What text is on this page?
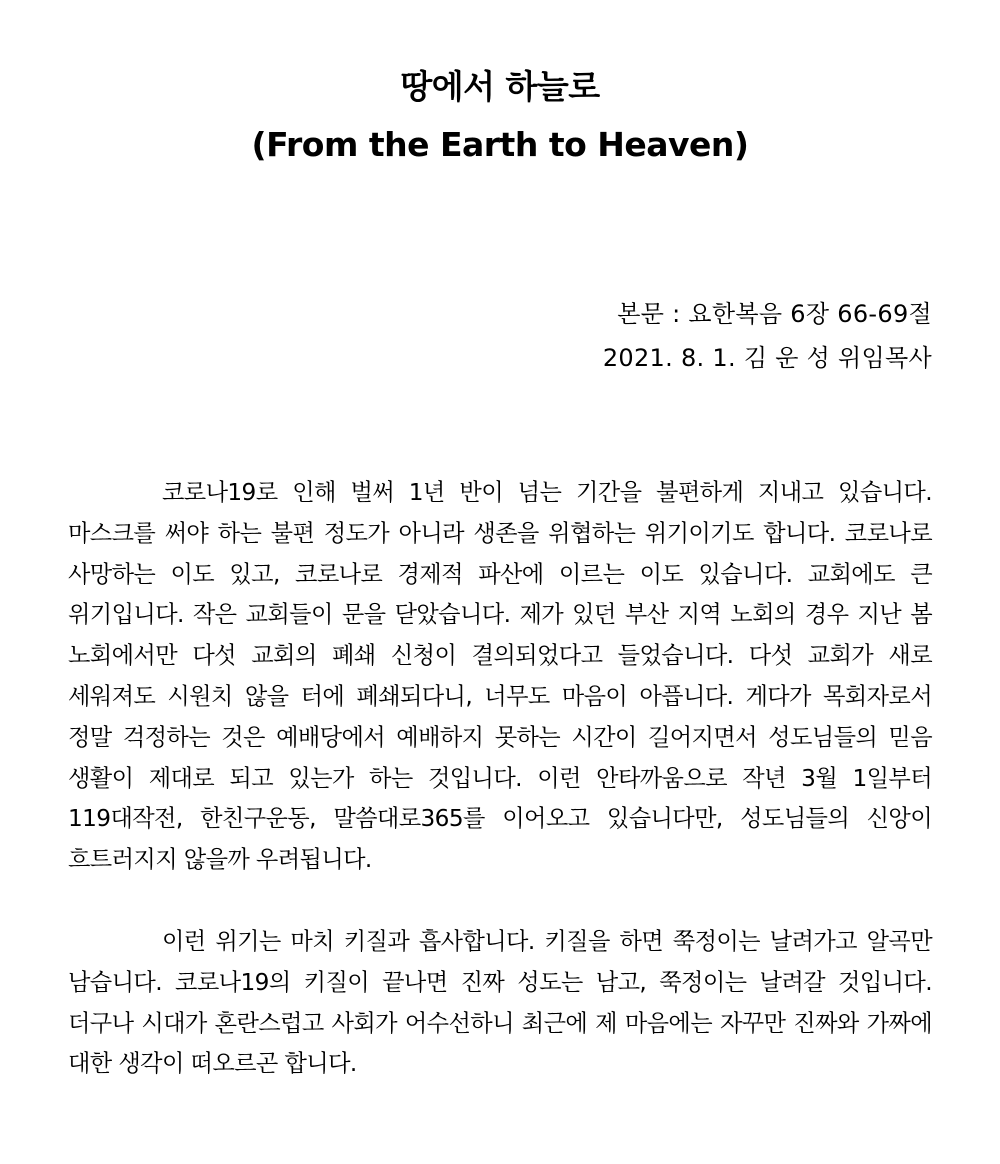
땅에서 하늘로
(From the Earth to Heaven)
본문 : 요한복음 6장 66-69절
2021. 8. 1. 김 운 성 위임목사

코로나19로 인해 벌써 1년 반이 넘는 기간을 불편하게 지내고 있습니다. 마스크를 써야 하는 불편 정도가 아니라 생존을 위협하는 위기이기도 합니다. 코로나로 사망하는 이도 있고, 코로나로 경제적 파산에 이르는 이도 있습니다. 교회에도 큰 위기입니다. 작은 교회들이 문을 닫았습니다. 제가 있던 부산 지역 노회의 경우 지난 봄 노회에서만 다섯 교회의 폐쇄 신청이 결의되었다고 들었습니다. 다섯 교회가 새로 세워져도 시원치 않을 터에 폐쇄되다니, 너무도 마음이 아픕니다. 게다가 목회자로서 정말 걱정하는 것은 예배당에서 예배하지 못하는 시간이 길어지면서 성도님들의 믿음 생활이 제대로 되고 있는가 하는 것입니다. 이런 안타까움으로 작년 3월 1일부터 119대작전, 한친구운동, 말씀대로365를 이어오고 있습니다만, 성도님들의 신앙이 흐트러지지 않을까 우려됩니다.

이런 위기는 마치 키질과 흡사합니다. 키질을 하면 쭉정이는 날려가고 알곡만 남습니다. 코로나19의 키질이 끝나면 진짜 성도는 남고, 쭉정이는 날려갈 것입니다. 더구나 시대가 혼란스럽고 사회가 어수선하니 최근에 제 마음에는 자꾸만 진짜와 가짜에 대한 생각이 떠오르곤 합니다.
